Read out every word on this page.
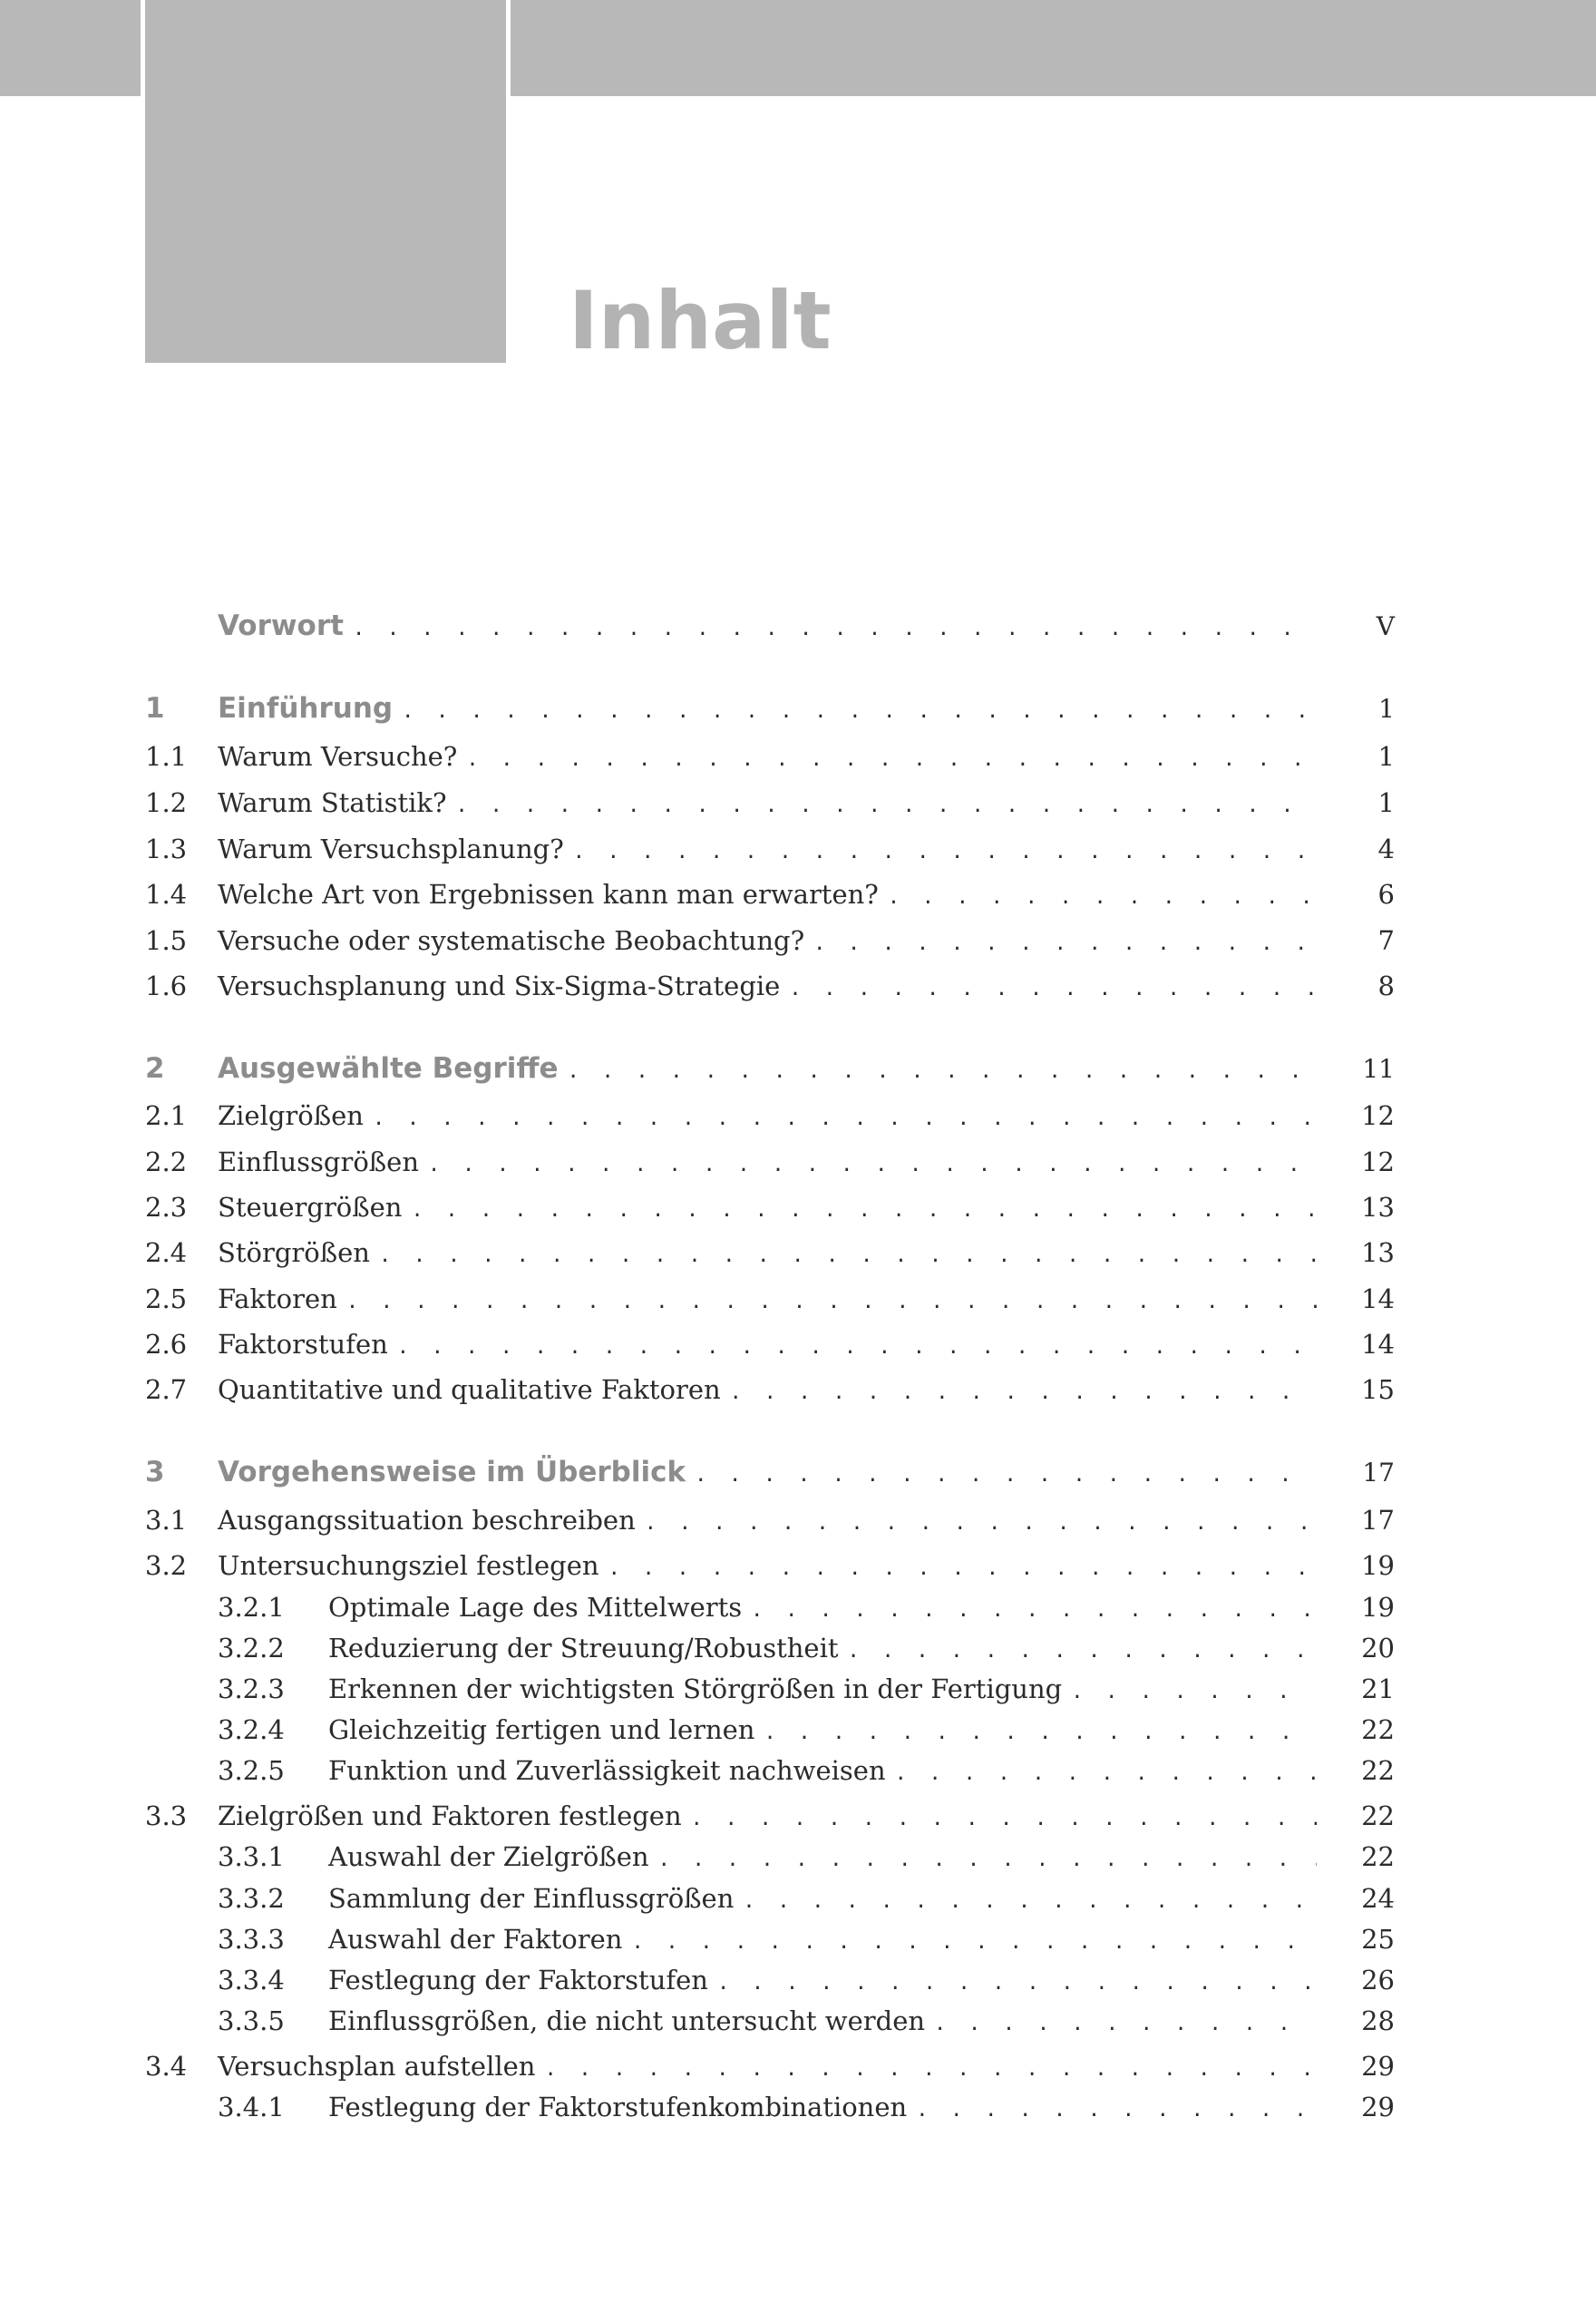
Inhalt
Vorwort . . .	V
1	Einführung . . .	1
1.1	Warum Versuche? . . .	1
1.2	Warum Statistik? . . .	1
1.3	Warum Versuchsplanung? . . .	4
1.4	Welche Art von Ergebnissen kann man erwarten? . . .	6
1.5	Versuche oder systematische Beobachtung? . . .	7
1.6	Versuchsplanung und Six-Sigma-Strategie . . .	8
2	Ausgewählte Begriffe . . .	11
2.1	Zielgrößen . . .	12
2.2	Einflussgrößen . . .	12
2.3	Steuergrößen . . .	13
2.4	Störgrößen . . .	13
2.5	Faktoren . . .	14
2.6	Faktorstufen . . .	14
2.7	Quantitative und qualitative Faktoren . . .	15
3	Vorgehensweise im Überblick . . .	17
3.1	Ausgangssituation beschreiben . . .	17
3.2	Untersuchungsziel festlegen . . .	19
3.2.1	Optimale Lage des Mittelwerts . . .	19
3.2.2	Reduzierung der Streuung/Robustheit . . .	20
3.2.3	Erkennen der wichtigsten Störgrößen in der Fertigung . . .	21
3.2.4	Gleichzeitig fertigen und lernen . . .	22
3.2.5	Funktion und Zuverlässigkeit nachweisen . . .	22
3.3	Zielgrößen und Faktoren festlegen . . .	22
3.3.1	Auswahl der Zielgrößen . . .	22
3.3.2	Sammlung der Einflussgrößen . . .	24
3.3.3	Auswahl der Faktoren . . .	25
3.3.4	Festlegung der Faktorstufen . . .	26
3.3.5	Einflussgrößen, die nicht untersucht werden . . .	28
3.4	Versuchsplan aufstellen . . .	29
3.4.1	Festlegung der Faktorstufenkombinationen . . .	29
